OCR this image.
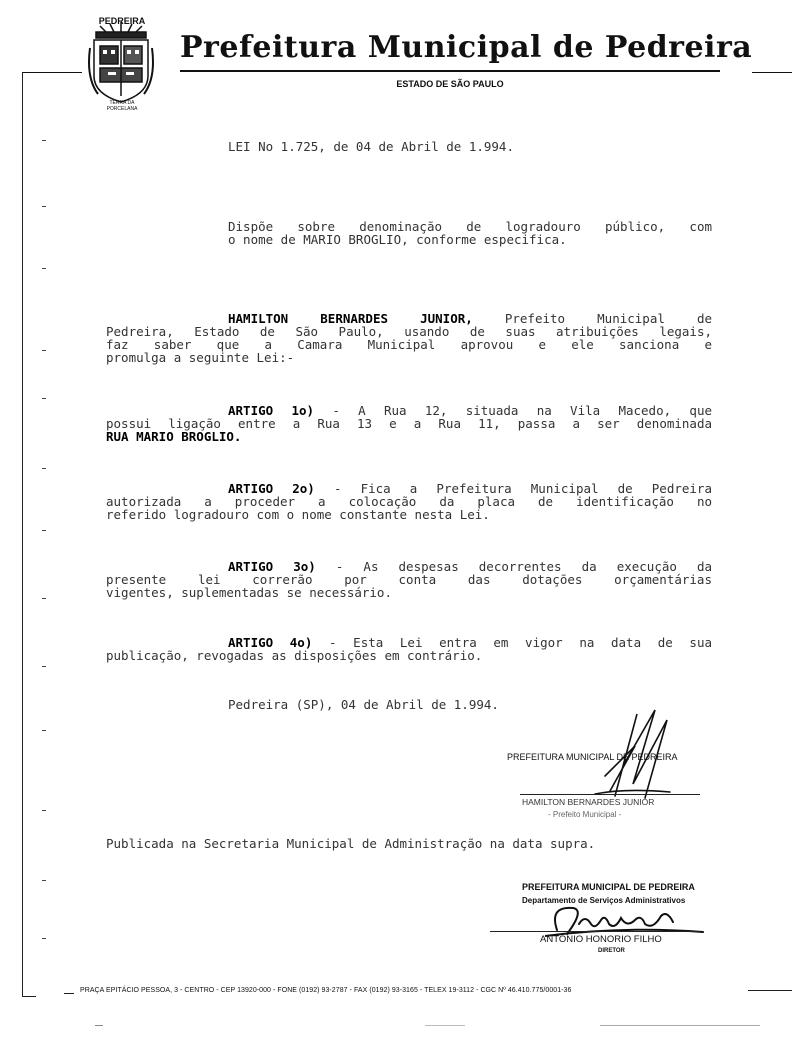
PEDREIRA
TERRA DA
PORCELANA
Prefeitura Municipal de Pedreira
ESTADO DE SÃO PAULO
LEI No 1.725, de 04 de Abril de 1.994.
Dispõe sobre denominação de logradouro público, com
o nome de MARIO BROGLIO, conforme especifica.
HAMILTON BERNARDES JUNIOR,	Prefeito Municipal de
Pedreira, Estado de São Paulo, usando de suas atribuições legais,
faz saber que a Camara Municipal aprovou e ele sanciona e
promulga a seguinte Lei:-
ARTIGO 1o) - A Rua 12, situada na Vila Macedo, que
possui ligação entre a Rua 13 e a Rua 11, passa a ser denominada
RUA MARIO BROGLIO.
ARTIGO 2o) - Fica a Prefeitura Municipal de Pedreira
autorizada a proceder a colocação da placa de identificação no
referido logradouro com o nome constante nesta Lei.
ARTIGO 3o) - As despesas decorrentes da execução da
presente lei correrão por conta das dotações orçamentárias
vigentes, suplementadas se necessário.
ARTIGO 4o) - Esta Lei entra em vigor na data de sua
publicação, revogadas as disposições em contrário.
Pedreira (SP), 04 de Abril de 1.994.
PREFEITURA MUNICIPAL DE PEDREIRA
HAMILTON BERNARDES JUNIOR
- Prefeito Municipal -
Publicada na Secretaria Municipal de Administração na data supra.
PREFEITURA MUNICIPAL DE PEDREIRA
Departamento de Serviços Administrativos
ANTONIO HONORIO FILHO
DIRETOR
PRAÇA EPITÁCIO PESSOA, 3 - CENTRO - CEP 13920-000 - FONE (0192) 93-2787 - FAX (0192) 93-3165 - TELEX 19-3112 - CGC Nº 46.410.775/0001-36
